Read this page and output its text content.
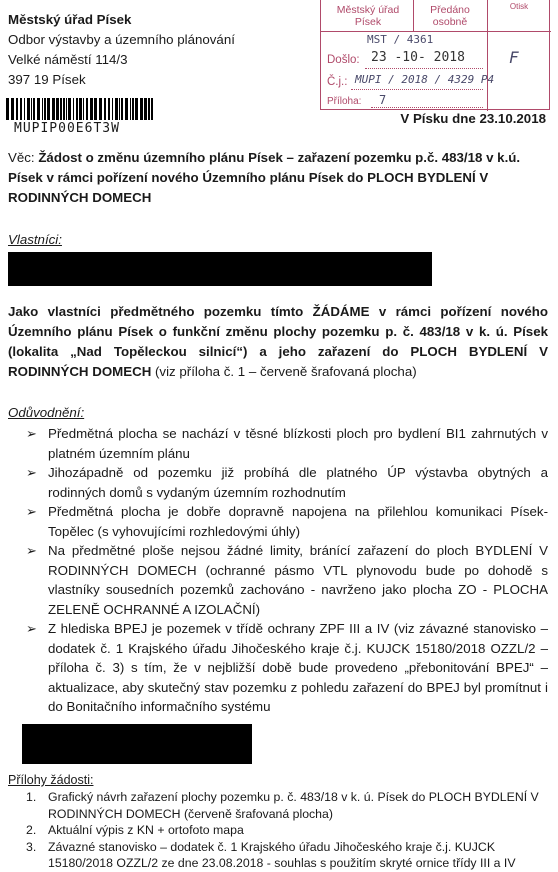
Městský úřad Písek
Odbor výstavby a územního plánování
Velké náměstí 114/3
397 19 Písek
MUPIP00E6T3W
Městský úřad Písek
Předáno osobně
Otisk
MST / 4361
Došlo: 23 -10- 2018
Č.j.: MUPI / 2018 / 4329 P4
Příloha: 7
F
V Písku dne 23.10.2018
Věc: Žádost o změnu územního plánu Písek – zařazení pozemku p.č. 483/18 v k.ú. Písek v rámci pořízení nového Územního plánu Písek do PLOCH BYDLENÍ V RODINNÝCH DOMECH
Vlastníci:
Jako vlastníci předmětného pozemku tímto ŽÁDÁME v rámci pořízení nového Územního plánu Písek o funkční změnu plochy pozemku p. č. 483/18 v k. ú. Písek (lokalita „Nad Topěleckou silnicí“) a jeho zařazení do PLOCH BYDLENÍ V RODINNÝCH DOMECH (viz příloha č. 1 – červeně šrafovaná plocha)
Odůvodnění:
➢ Předmětná plocha se nachází v těsné blízkosti ploch pro bydlení BI1 zahrnutých v platném územním plánu
➢ Jihozápadně od pozemku již probíhá dle platného ÚP výstavba obytných a rodinných domů s vydaným územním rozhodnutím
➢ Předmětná plocha je dobře dopravně napojena na přilehlou komunikaci Písek-Topělec (s vyhovujícími rozhledovými úhly)
➢ Na předmětné ploše nejsou žádné limity, bránící zařazení do ploch BYDLENÍ V RODINNÝCH DOMECH (ochranné pásmo VTL plynovodu bude po dohodě s vlastníky sousedních pozemků zachováno - navrženo jako plocha ZO - PLOCHA ZELENĚ OCHRANNÉ A IZOLAČNÍ)
➢ Z hlediska BPEJ je pozemek v třídě ochrany ZPF III a IV (viz závazné stanovisko – dodatek č. 1 Krajského úřadu Jihočeského kraje č.j. KUJCK 15180/2018 OZZL/2 – příloha č. 3) s tím, že v nejbližší době bude provedeno „přebonitování BPEJ“ – aktualizace, aby skutečný stav pozemku z pohledu zařazení do BPEJ byl promítnut i do Bonitačního informačního systému
Přílohy žádosti:
1. Grafický návrh zařazení plochy pozemku p. č. 483/18 v k. ú. Písek do PLOCH BYDLENÍ V RODINNÝCH DOMECH (červeně šrafovaná plocha)
2. Aktuální výpis z KN + ortofoto mapa
3. Závazné stanovisko – dodatek č. 1 Krajského úřadu Jihočeského kraje č.j. KUJCK 15180/2018 OZZL/2 ze dne 23.08.2018 - souhlas s použitím skryté ornice třídy III a IV
